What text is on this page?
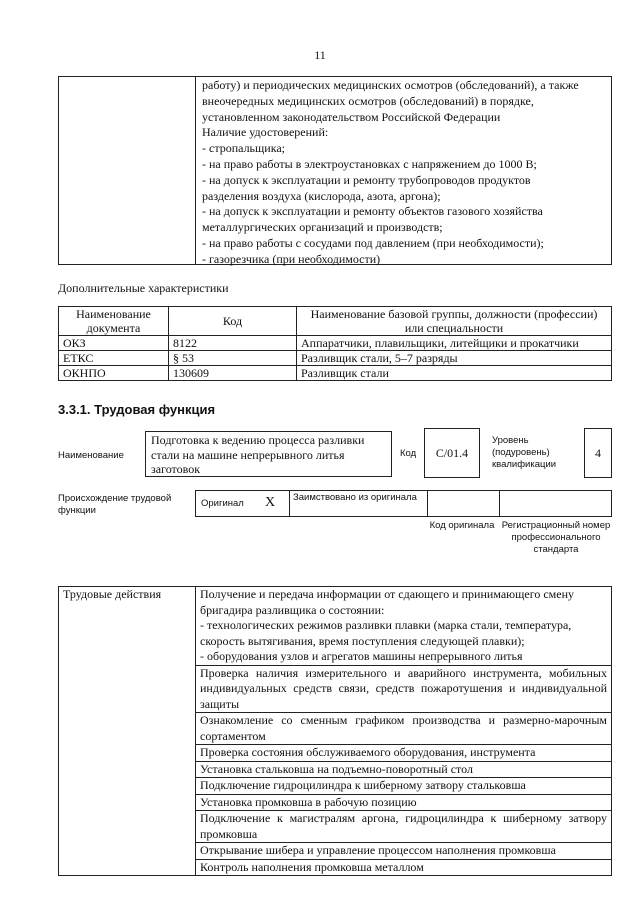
11
работу) и периодических медицинских осмотров (обследований), а также
внеочередных медицинских осмотров (обследований) в порядке,
установленном законодательством Российской Федерации
Наличие удостоверений:
- стропальщика;
- на право работы в электроустановках с напряжением до 1000 В;
- на допуск к эксплуатации и ремонту трубопроводов продуктов
разделения воздуха (кислорода, азота, аргона);
- на допуск к эксплуатации и ремонту объектов газового хозяйства
металлургических организаций и производств;
- на право работы с сосудами под давлением (при необходимости);
- газорезчика (при необходимости)
Дополнительные характеристики
Наименование документа	Код	Наименование базовой группы, должности (профессии) или специальности
ОКЗ	8122	Аппаратчики, плавильщики, литейщики и прокатчики
ЕТКС	§ 53	Разливщик стали, 5–7 разряды
ОКНПО	130609	Разливщик стали
3.3.1. Трудовая функция
Наименование
Подготовка к ведению процесса разливки стали на машине непрерывного литья заготовок
Код	С/01.4
Уровень (подуровень) квалификации
4
Происхождение трудовой функции
Оригинал X Заимствовано из оригинала
Код оригинала Регистрационный номер профессионального стандарта
Трудовые действия	Получение и передача информации от сдающего и принимающего смену бригадира разливщика о состоянии:
- технологических режимов разливки плавки (марка стали, температура, скорость вытягивания, время поступления следующей плавки);
- оборудования узлов и агрегатов машины непрерывного литья
Проверка наличия измерительного и аварийного инструмента, мобильных индивидуальных средств связи, средств пожаротушения и индивидуальной защиты
Ознакомление со сменным графиком производства и размерно-марочным сортаментом
Проверка состояния обслуживаемого оборудования, инструмента
Установка стальковша на подъемно-поворотный стол
Подключение гидроцилиндра к шиберному затвору стальковша
Установка промковша в рабочую позицию
Подключение к магистралям аргона, гидроцилиндра к шиберному затвору промковша
Открывание шибера и управление процессом наполнения промковша
Контроль наполнения промковша металлом
